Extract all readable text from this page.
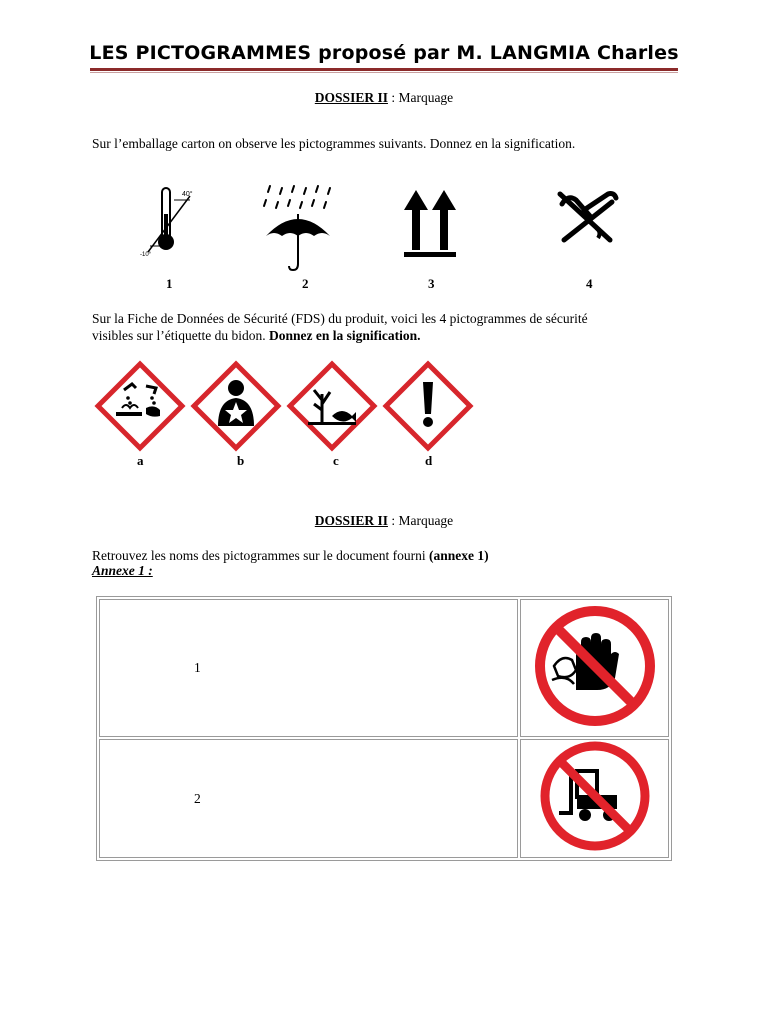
LES PICTOGRAMMES proposé par M. LANGMIA Charles
DOSSIER II : Marquage
Sur l’emballage carton on observe les pictogrammes suivants. Donnez en la signification.
40°
-10°
1	2	3	4
Sur la Fiche de Données de Sécurité (FDS) du produit, voici les 4 pictogrammes de sécurité
visibles sur l’étiquette du bidon. Donnez en la signification.
a	b	c	d
DOSSIER II : Marquage
Retrouvez les noms des pictogrammes sur le document fourni (annexe 1)
Annexe 1 :
1	
2	
